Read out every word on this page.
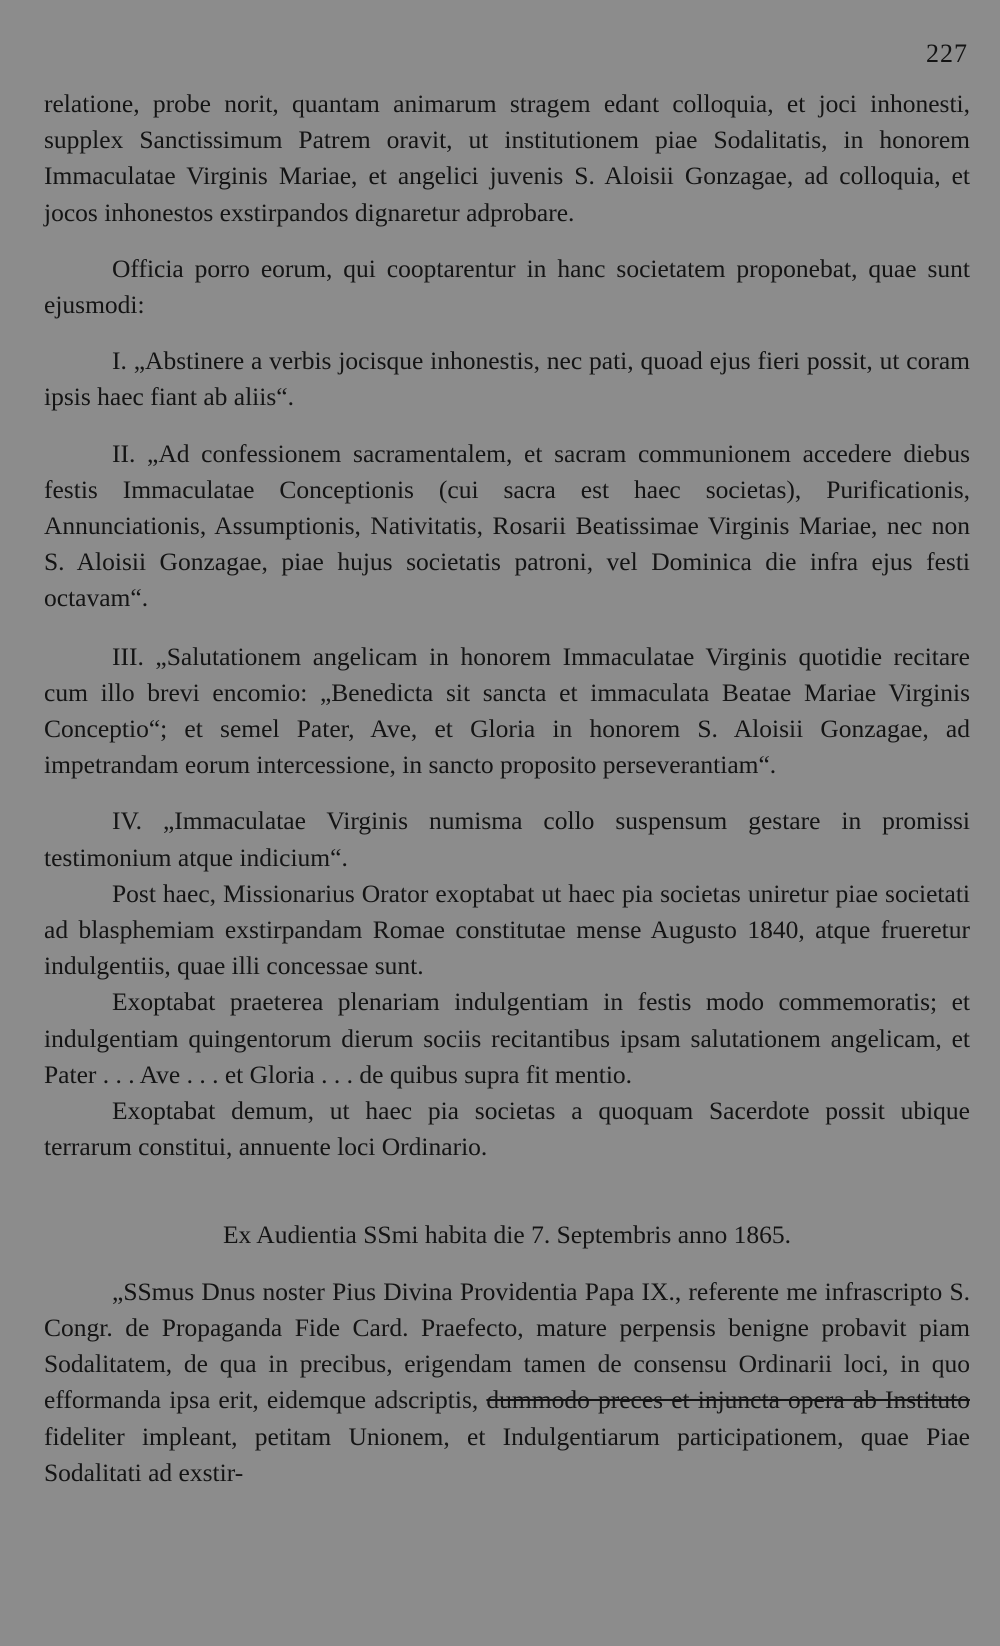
227

relatione, probe norit, quantam animarum stragem edant colloquia, et joci inhonesti, supplex Sanctissimum Patrem oravit, ut institutionem piae Sodalitatis, in honorem Immaculatae Virginis Mariae, et angelici juvenis S. Aloisii Gonzagae, ad colloquia, et jocos inhonestos exstirpandos dignaretur adprobare.

Officia porro eorum, qui cooptarentur in hanc societatem proponebat, quae sunt ejusmodi:

I. „Abstinere a verbis jocisque inhonestis, nec pati, quoad ejus fieri possit, ut coram ipsis haec fiant ab aliis“.

II. „Ad confessionem sacramentalem, et sacram communionem accedere diebus festis Immaculatae Conceptionis (cui sacra est haec societas), Purificationis, Annunciationis, Assumptionis, Nativitatis, Rosarii Beatissimae Virginis Mariae, nec non S. Aloisii Gonzagae, piae hujus societatis patroni, vel Dominica die infra ejus festi octavam“.

III. „Salutationem angelicam in honorem Immaculatae Virginis quotidie recitare cum illo brevi encomio: „Benedicta sit sancta et immaculata Beatae Mariae Virginis Conceptio“; et semel Pater, Ave, et Gloria in honorem S. Aloisii Gonzagae, ad impetrandam eorum intercessione, in sancto proposito perseverantiam“.

IV. „Immaculatae Virginis numisma collo suspensum gestare in promissi testimonium atque indicium“.

Post haec, Missionarius Orator exoptabat ut haec pia societas uniretur piae societati ad blasphemiam exstirpandam Romae constitutae mense Augusto 1840, atque frueretur indulgentiis, quae illi concessae sunt.

Exoptabat praeterea plenariam indulgentiam in festis modo commemoratis; et indulgentiam quingentorum dierum sociis recitantibus ipsam salutationem angelicam, et Pater . . . Ave . . . et Gloria . . . de quibus supra fit mentio.

Exoptabat demum, ut haec pia societas a quoquam Sacerdote possit ubique terrarum constitui, annuente loci Ordinario.

Ex Audientia SSmi habita die 7. Septembris anno 1865.

„SSmus Dnus noster Pius Divina Providentia Papa IX., referente me infrascripto S. Congr. de Propaganda Fide Card. Praefecto, mature perpensis benigne probavit piam Sodalitatem, de qua in precibus, erigendam tamen de consensu Ordinarii loci, in quo efformanda ipsa erit, eidemque adscriptis, dummodo preces et injuncta opera ab Instituto fideliter impleant, petitam Unionem, et Indulgentiarum participationem, quae Piae Sodalitati ad exstir-
